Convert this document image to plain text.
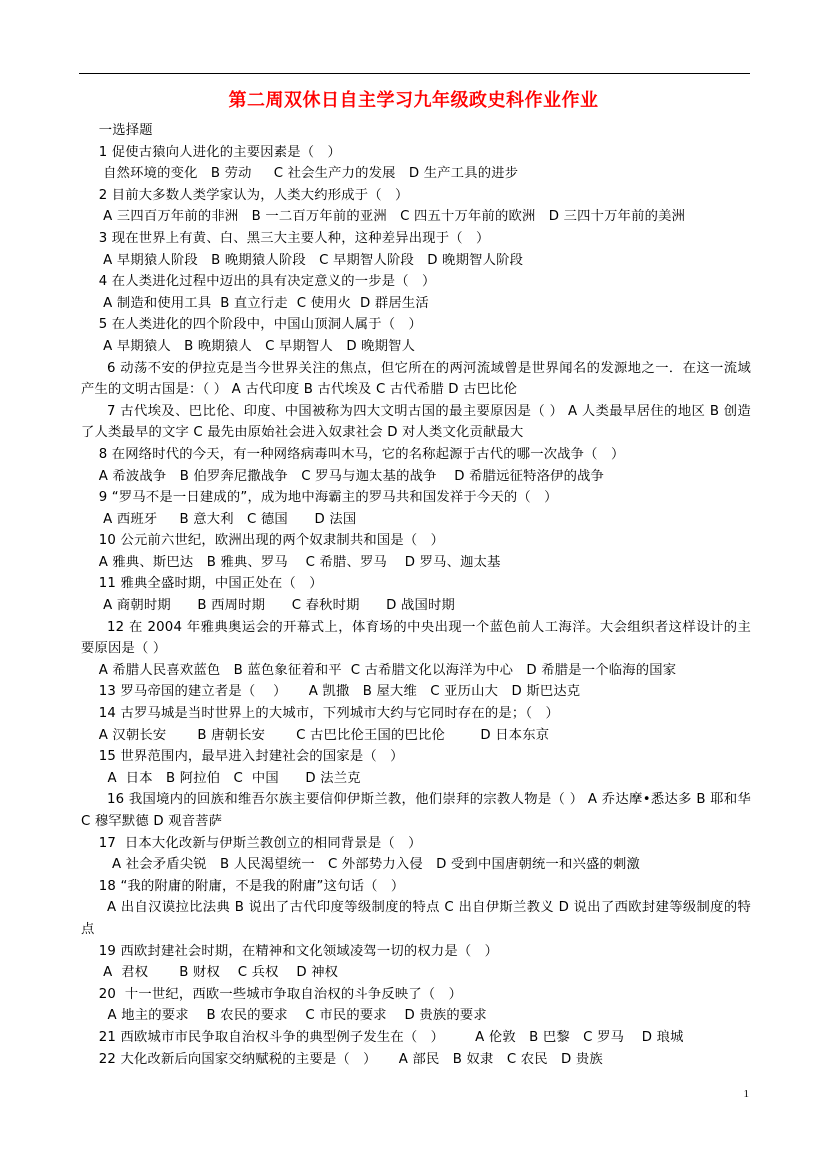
第二周双休日自主学习九年级政史科作业作业
一选择题
1 促使古猿向人进化的主要因素是（   ）
自然环境的变化   B 劳动     C 社会生产力的发展   D 生产工具的进步
2 目前大多数人类学家认为，人类大约形成于（   ）
A 三四百万年前的非洲   B 一二百万年前的亚洲   C 四五十万年前的欧洲   D 三四十万年前的美洲
3 现在世界上有黄、白、黑三大主要人种，这种差异出现于（   ）
A 早期猿人阶段   B 晚期猿人阶段   C 早期智人阶段   D 晚期智人阶段
4 在人类进化过程中迈出的具有决定意义的一步是（   ）
A 制造和使用工具  B 直立行走  C 使用火  D 群居生活
5 在人类进化的四个阶段中，中国山顶洞人属于（   ）
A 早期猿人   B 晚期猿人   C 早期智人   D 晚期智人
6 动荡不安的伊拉克是当今世界关注的焦点，但它所在的两河流域曾是世界闻名的发源地之一．在这一流域产生的文明古国是：（ ） A 古代印度 B 古代埃及 C 古代希腊 D 古巴比伦
7 古代埃及、巴比伦、印度、中国被称为四大文明古国的最主要原因是（ ） A 人类最早居住的地区 B 创造了人类最早的文字 C 最先由原始社会进入奴隶社会 D 对人类文化贡献最大
8 在网络时代的今天，有一种网络病毒叫木马，它的名称起源于古代的哪一次战争（   ）
A 希波战争   B 伯罗奔尼撒战争   C 罗马与迦太基的战争    D 希腊远征特洛伊的战争
9 “罗马不是一日建成的”，成为地中海霸主的罗马共和国发祥于今天的（   ）
A 西班牙     B 意大利   C 德国      D 法国
10 公元前六世纪，欧洲出现的两个奴隶制共和国是（   ）
A 雅典、斯巴达   B 雅典、罗马    C 希腊、罗马    D 罗马、迦太基
11 雅典全盛时期，中国正处在（   ）
A 商朝时期      B 西周时期      C 春秋时期      D 战国时期
12 在 2004 年雅典奥运会的开幕式上，体育场的中央出现一个蓝色前人工海洋。大会组织者这样设计的主要原因是（ ）
A 希腊人民喜欢蓝色   B 蓝色象征着和平  C 古希腊文化以海洋为中心   D 希腊是一个临海的国家
13 罗马帝国的建立者是（    ）     A 凯撒   B 屋大维   C 亚历山大   D 斯巴达克
14 古罗马城是当时世界上的大城市，下列城市大约与它同时存在的是；（   ）
A 汉朝长安       B 唐朝长安       C 古巴比伦王国的巴比伦        D 日本东京
15 世界范围内，最早进入封建社会的国家是（   ）
A  日本   B 阿拉伯   C  中国      D 法兰克
16 我国境内的回族和维吾尔族主要信仰伊斯兰教，他们崇拜的宗教人物是（ ） A 乔达摩•悉达多 B 耶和华 C 穆罕默德 D 观音菩萨
17  日本大化改新与伊斯兰教创立的相同背景是（   ）
A 社会矛盾尖锐   B 人民渴望统一   C 外部势力入侵   D 受到中国唐朝统一和兴盛的刺激
18 “我的附庸的附庸，不是我的附庸”这句话（   ）
A 出自汉谟拉比法典 B 说出了古代印度等级制度的特点 C 出自伊斯兰教义 D 说出了西欧封建等级制度的特点
19 西欧封建社会时期，在精神和文化领域凌驾一切的权力是（   ）
A  君权       B 财权    C 兵权    D 神权
20  十一世纪，西欧一些城市争取自治权的斗争反映了（   ）
A 地主的要求    B 农民的要求    C 市民的要求    D 贵族的要求
21 西欧城市市民争取自治权斗争的典型例子发生在（   ）       A 伦敦   B 巴黎   C 罗马    D 琅城
22 大化改新后向国家交纳赋税的主要是（   ）     A 部民   B 奴隶   C 农民   D 贵族
1
